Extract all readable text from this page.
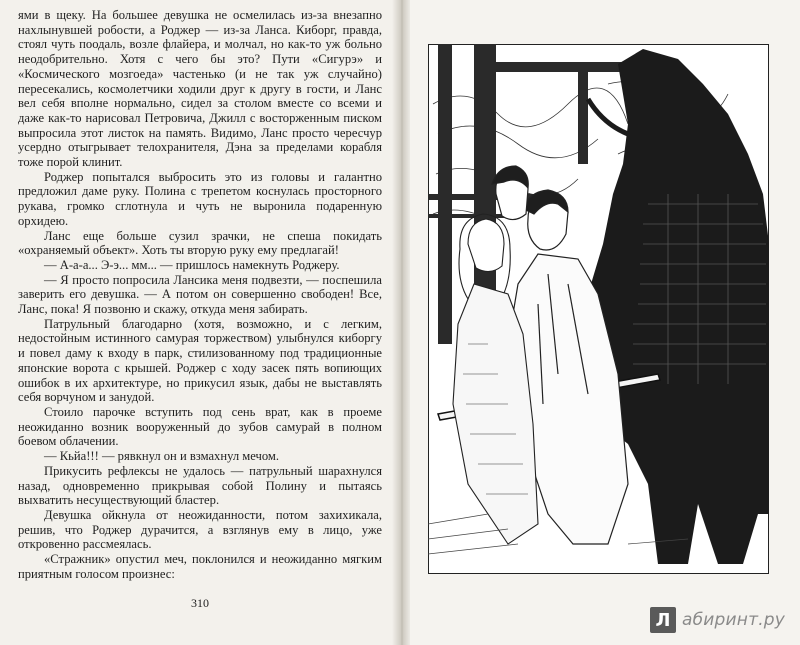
ями в щеку. На большее девушка не осмелилась из-за внезапно нахлынувшей робости, а Роджер — из-за Ланса. Киборг, правда, стоял чуть поодаль, возле флайера, и молчал, но как-то уж больно неодобрительно. Хотя с чего бы это? Пути «Сигурэ» и «Космического мозгоеда» частенько (и не так уж случайно) пересекались, космолетчики ходили друг к другу в гости, и Ланс вел себя вполне нормально, сидел за столом вместе со всеми и даже как-то нарисовал Петровича, Джилл с восторженным писком выпросила этот листок на память. Видимо, Ланс просто чересчур усердно отыгрывает телохранителя, Дэна за пределами корабля тоже порой клинит.

Роджер попытался выбросить это из головы и галантно предложил даме руку. Полина с трепетом коснулась просторного рукава, громко сглотнула и чуть не выронила подаренную орхидею.

Ланс еще больше сузил зрачки, не спеша покидать «охраняемый объект». Хоть ты вторую руку ему предлагай!

— А-а-а... Э-э... мм... — пришлось намекнуть Роджеру.

— Я просто попросила Лансика меня подвезти, — поспешила заверить его девушка. — А потом он совершенно свободен! Все, Ланс, пока! Я позвоню и скажу, откуда меня забирать.

Патрульный благодарно (хотя, возможно, и с легким, недостойным истинного самурая торжеством) улыбнулся киборгу и повел даму к входу в парк, стилизованному под традиционные японские ворота с крышей. Роджер с ходу засек пять вопиющих ошибок в их архитектуре, но прикусил язык, дабы не выставлять себя ворчуном и занудой.

Стоило парочке вступить под сень врат, как в проеме неожиданно возник вооруженный до зубов самурай в полном боевом облачении.

— Кьйа!!! — рявкнул он и взмахнул мечом.

Прикусить рефлексы не удалось — патрульный шарахнулся назад, одновременно прикрывая собой Полину и пытаясь выхватить несуществующий бластер.

Девушка ойкнула от неожиданности, потом захихикала, решив, что Роджер дурачится, а взглянув ему в лицо, уже откровенно рассмеялась.

«Стражник» опустил меч, поклонился и неожиданно мягким приятным голосом произнес:

310
Л абиринт.ру
